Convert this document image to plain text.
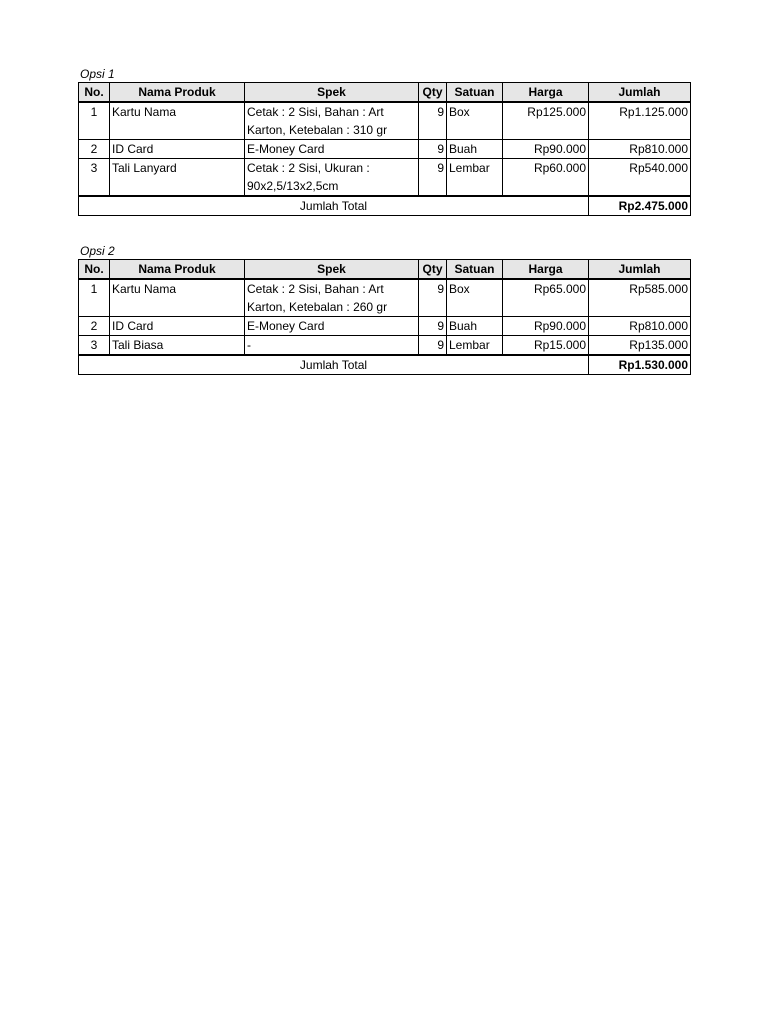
Opsi 1
No.	Nama Produk	Spek	Qty	Satuan	Harga	Jumlah
1	Kartu Nama	Cetak : 2 Sisi, Bahan : Art Karton, Ketebalan : 310 gr	9	Box	Rp125.000	Rp1.125.000
2	ID Card	E-Money Card	9	Buah	Rp90.000	Rp810.000
3	Tali Lanyard	Cetak : 2 Sisi, Ukuran : 90x2,5/13x2,5cm	9	Lembar	Rp60.000	Rp540.000
Jumlah Total						Rp2.475.000
Opsi 2
No.	Nama Produk	Spek	Qty	Satuan	Harga	Jumlah
1	Kartu Nama	Cetak : 2 Sisi, Bahan : Art Karton, Ketebalan : 260 gr	9	Box	Rp65.000	Rp585.000
2	ID Card	E-Money Card	9	Buah	Rp90.000	Rp810.000
3	Tali Biasa	-	9	Lembar	Rp15.000	Rp135.000
Jumlah Total						Rp1.530.000
